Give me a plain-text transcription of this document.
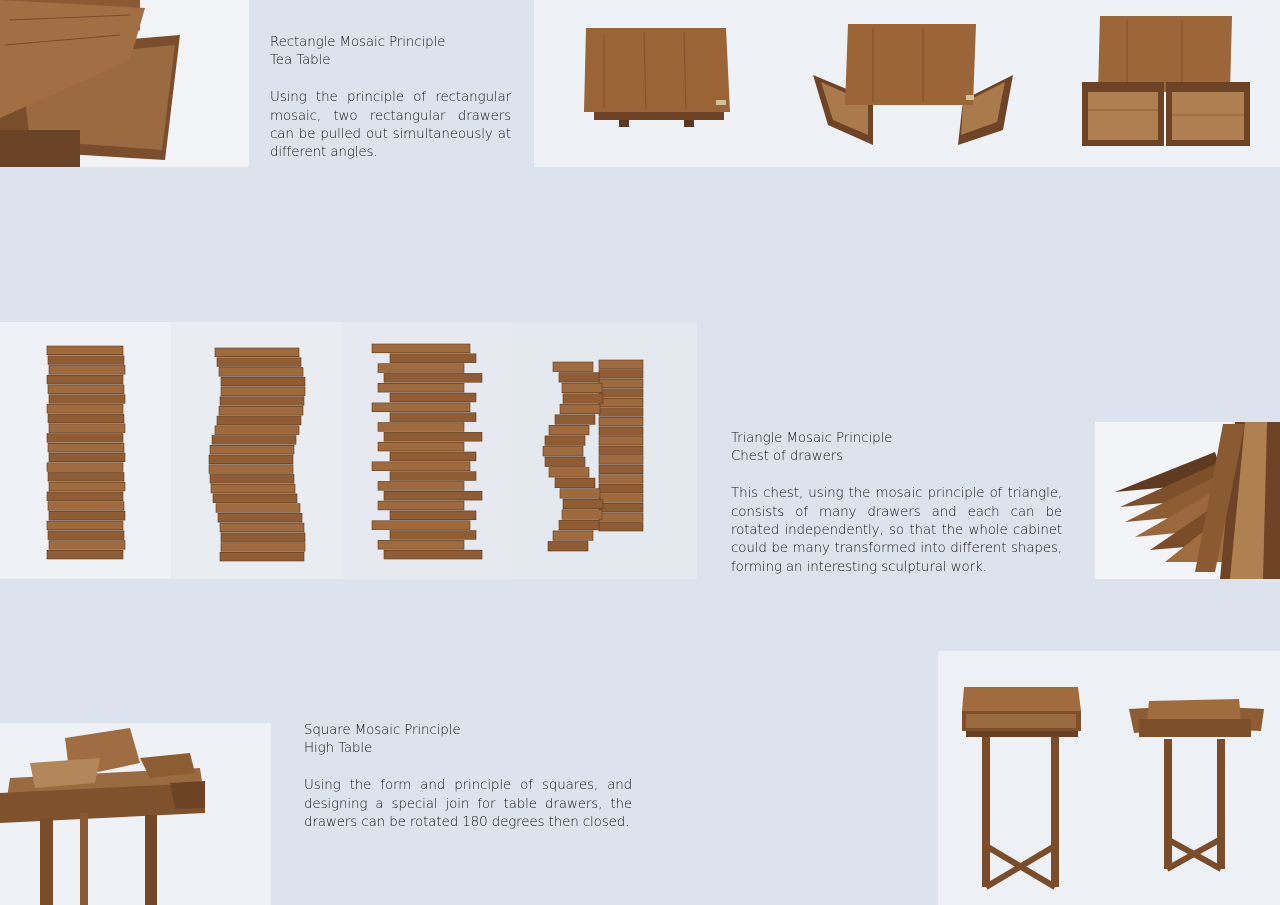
Rectangle Mosaic Principle
Tea Table
Using the principle of rectangular mosaic, two rectangular drawers can be pulled out simultaneously at different angles.
Triangle Mosaic Principle
Chest of drawers
This chest, using the mosaic principle of triangle, consists of many drawers and each can be rotated independently, so that the whole cabinet could be many transformed into different shapes, forming an interesting sculptural work.
Square Mosaic Principle
High Table
Using the form and principle of squares, and designing a special join for table drawers, the drawers can be rotated 180 degrees then closed.
